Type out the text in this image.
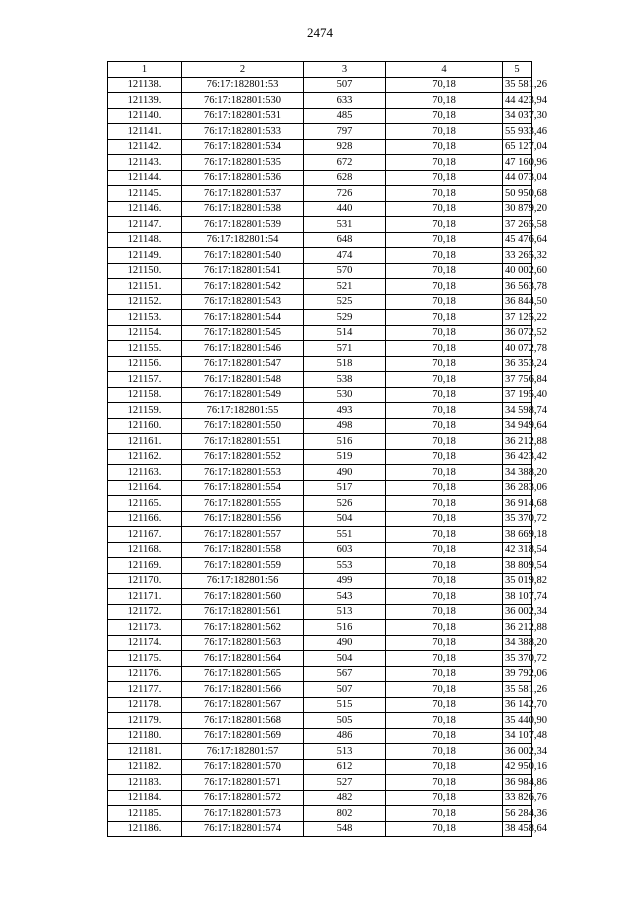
2474
1	2	3	4	5
121138.	76:17:182801:53	507	70,18	35 581,26
121139.	76:17:182801:530	633	70,18	44 423,94
121140.	76:17:182801:531	485	70,18	34 037,30
121141.	76:17:182801:533	797	70,18	55 933,46
121142.	76:17:182801:534	928	70,18	65 127,04
121143.	76:17:182801:535	672	70,18	47 160,96
121144.	76:17:182801:536	628	70,18	44 073,04
121145.	76:17:182801:537	726	70,18	50 950,68
121146.	76:17:182801:538	440	70,18	30 879,20
121147.	76:17:182801:539	531	70,18	37 265,58
121148.	76:17:182801:54	648	70,18	45 476,64
121149.	76:17:182801:540	474	70,18	33 265,32
121150.	76:17:182801:541	570	70,18	40 002,60
121151.	76:17:182801:542	521	70,18	36 563,78
121152.	76:17:182801:543	525	70,18	36 844,50
121153.	76:17:182801:544	529	70,18	37 125,22
121154.	76:17:182801:545	514	70,18	36 072,52
121155.	76:17:182801:546	571	70,18	40 072,78
121156.	76:17:182801:547	518	70,18	36 353,24
121157.	76:17:182801:548	538	70,18	37 756,84
121158.	76:17:182801:549	530	70,18	37 195,40
121159.	76:17:182801:55	493	70,18	34 598,74
121160.	76:17:182801:550	498	70,18	34 949,64
121161.	76:17:182801:551	516	70,18	36 212,88
121162.	76:17:182801:552	519	70,18	36 423,42
121163.	76:17:182801:553	490	70,18	34 388,20
121164.	76:17:182801:554	517	70,18	36 283,06
121165.	76:17:182801:555	526	70,18	36 914,68
121166.	76:17:182801:556	504	70,18	35 370,72
121167.	76:17:182801:557	551	70,18	38 669,18
121168.	76:17:182801:558	603	70,18	42 318,54
121169.	76:17:182801:559	553	70,18	38 809,54
121170.	76:17:182801:56	499	70,18	35 019,82
121171.	76:17:182801:560	543	70,18	38 107,74
121172.	76:17:182801:561	513	70,18	36 002,34
121173.	76:17:182801:562	516	70,18	36 212,88
121174.	76:17:182801:563	490	70,18	34 388,20
121175.	76:17:182801:564	504	70,18	35 370,72
121176.	76:17:182801:565	567	70,18	39 792,06
121177.	76:17:182801:566	507	70,18	35 581,26
121178.	76:17:182801:567	515	70,18	36 142,70
121179.	76:17:182801:568	505	70,18	35 440,90
121180.	76:17:182801:569	486	70,18	34 107,48
121181.	76:17:182801:57	513	70,18	36 002,34
121182.	76:17:182801:570	612	70,18	42 950,16
121183.	76:17:182801:571	527	70,18	36 984,86
121184.	76:17:182801:572	482	70,18	33 826,76
121185.	76:17:182801:573	802	70,18	56 284,36
121186.	76:17:182801:574	548	70,18	38 458,64
